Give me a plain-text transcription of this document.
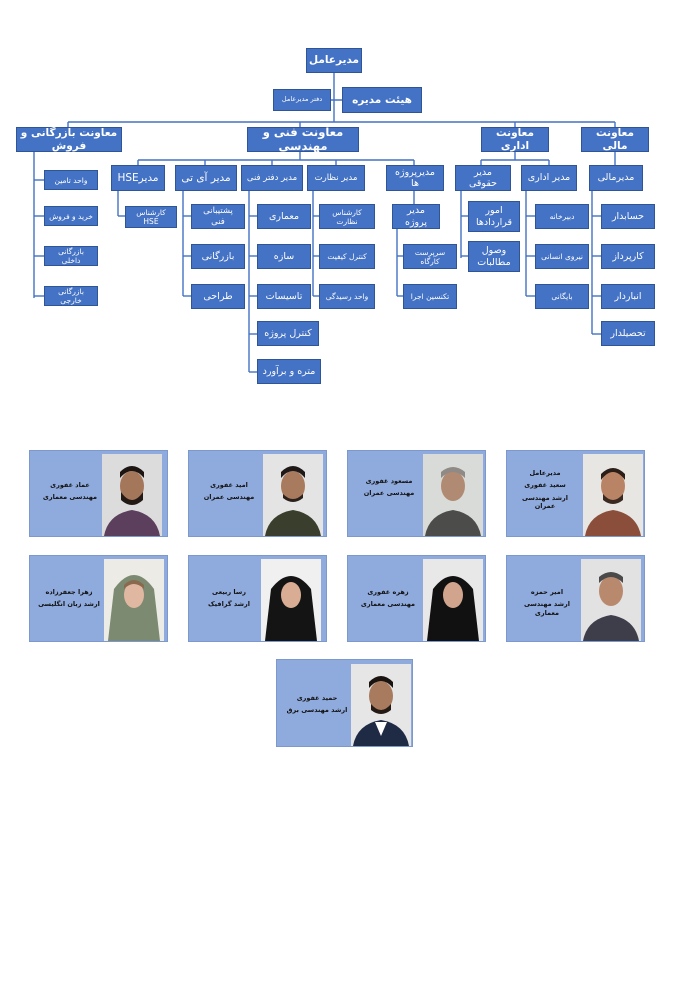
مدیرعامل
دفتر مدیرعامل	هیئت مدیره
معاونت بازرگانی و فروش
معاونت فنی و مهندسی
معاونت اداری
معاونت مالی
واحد تامین
خرید و فروش
بازرگانی داخلی
بازرگانی خارجی
مدیرHSE	مدیر آی تی	مدیر دفتر فنی	مدیر نظارت
مدیرپروژه ها
کارشناس HSE
پشتیبانی فنی
بازرگانی
طراحی
معماری
سازه
تاسیسات
کنترل پروژه
متره و برآورد
کارشناس نظارت
کنترل کیفیت
واحد رسیدگی
مدیر پروژه
سرپرست کارگاه
تکنسین اجرا
مدیر حقوقی
مدیر اداری
امور قراردادها
وصول مطالبات
دبیرخانه
نیروی انسانی
بایگانی
مدیرمالی
حسابدار
کارپرداز
انباردار
تحصیلدار
مدیرعامل
سعید غفوری
ارشد مهندسی عمران
مسعود غفوری
مهندسی عمران
امید غفوری
مهندسی عمران
عماد غفوری
مهندسی معماری
امیر حمزه
ارشد مهندسی معماری
زهره غفوری
مهندسی معماری
رسا ربیعی
ارشد گرافیک
زهرا جعفرزاده
ارشد زبان انگلیسی
حمید غفوری
ارشد مهندسی برق
